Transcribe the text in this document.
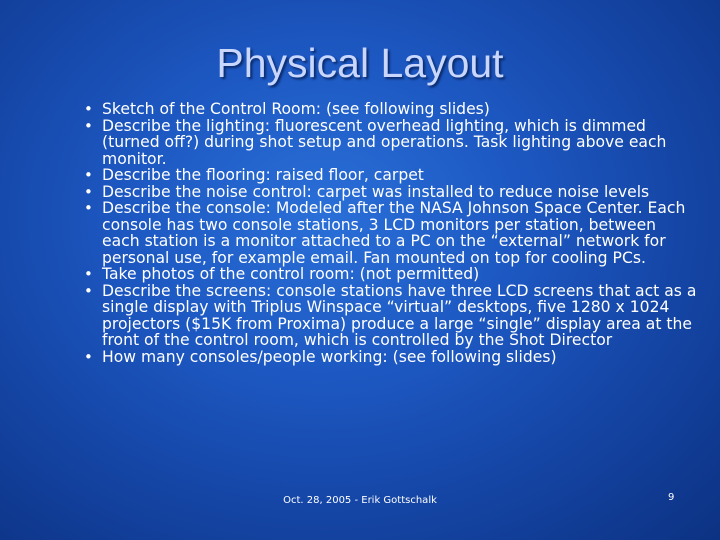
Physical Layout
• Sketch of the Control Room: (see following slides)
• Describe the lighting: fluorescent overhead lighting, which is dimmed (turned off?) during shot setup and operations. Task lighting above each monitor.
• Describe the flooring: raised floor, carpet
• Describe the noise control: carpet was installed to reduce noise levels
• Describe the console: Modeled after the NASA Johnson Space Center. Each console has two console stations, 3 LCD monitors per station, between each station is a monitor attached to a PC on the “external” network for personal use, for example email. Fan mounted on top for cooling PCs.
• Take photos of the control room: (not permitted)
• Describe the screens: console stations have three LCD screens that act as a single display with Triplus Winspace “virtual” desktops, five 1280 x 1024 projectors ($15K from Proxima) produce a large “single” display area at the front of the control room, which is controlled by the Shot Director
• How many consoles/people working: (see following slides)
Oct. 28, 2005 - Erik Gottschalk	9
